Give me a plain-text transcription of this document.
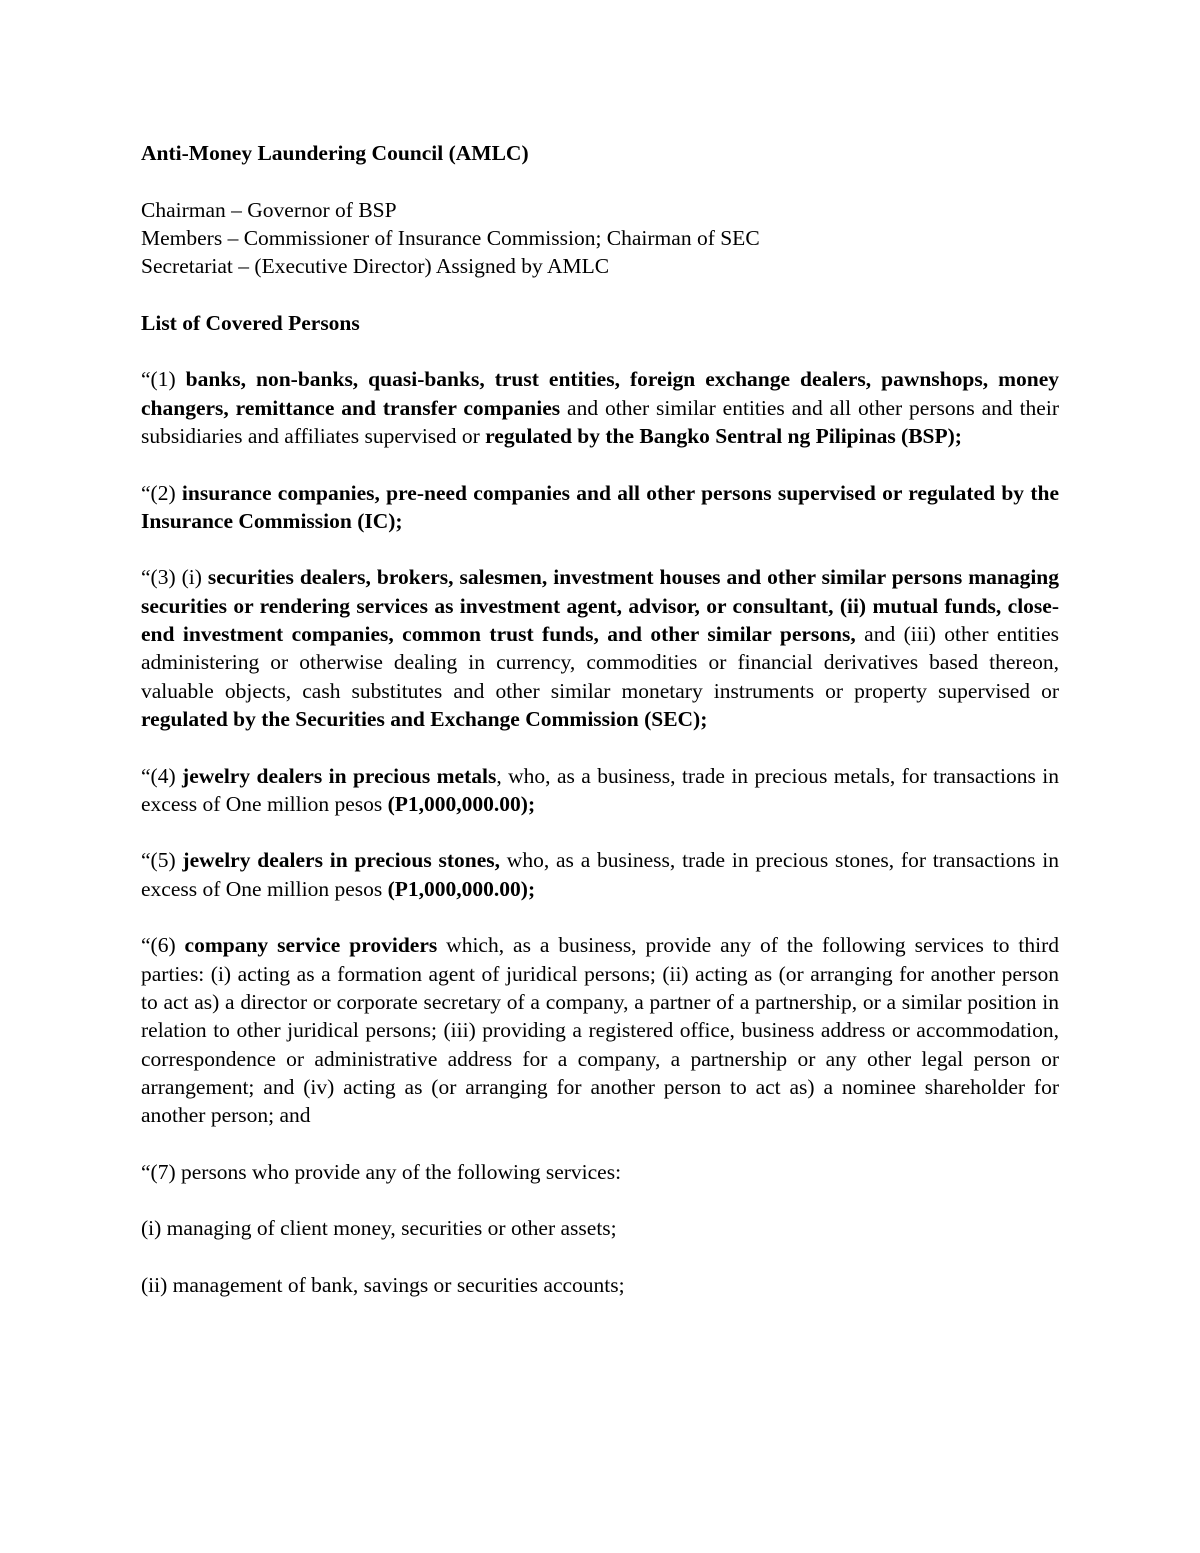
Anti-Money Laundering Council (AMLC)

Chairman – Governor of BSP

Members – Commissioner of Insurance Commission; Chairman of SEC

Secretariat – (Executive Director) Assigned by AMLC

List of Covered Persons

“(1) banks, non-banks, quasi-banks, trust entities, foreign exchange dealers, pawnshops, money changers, remittance and transfer companies and other similar entities and all other persons and their subsidiaries and affiliates supervised or regulated by the Bangko Sentral ng Pilipinas (BSP);

“(2) insurance companies, pre-need companies and all other persons supervised or regulated by the Insurance Commission (IC);

“(3) (i) securities dealers, brokers, salesmen, investment houses and other similar persons managing securities or rendering services as investment agent, advisor, or consultant, (ii) mutual funds, close-end investment companies, common trust funds, and other similar persons, and (iii) other entities administering or otherwise dealing in currency, commodities or financial derivatives based thereon, valuable objects, cash substitutes and other similar monetary instruments or property supervised or regulated by the Securities and Exchange Commission (SEC);

“(4) jewelry dealers in precious metals, who, as a business, trade in precious metals, for transactions in excess of One million pesos (P1,000,000.00);

“(5) jewelry dealers in precious stones, who, as a business, trade in precious stones, for transactions in excess of One million pesos (P1,000,000.00);

“(6) company service providers which, as a business, provide any of the following services to third parties: (i) acting as a formation agent of juridical persons; (ii) acting as (or arranging for another person to act as) a director or corporate secretary of a company, a partner of a partnership, or a similar position in relation to other juridical persons; (iii) providing a registered office, business address or accommodation, correspondence or administrative address for a company, a partnership or any other legal person or arrangement; and (iv) acting as (or arranging for another person to act as) a nominee shareholder for another person; and

“(7) persons who provide any of the following services:

(i) managing of client money, securities or other assets;

(ii) management of bank, savings or securities accounts;
